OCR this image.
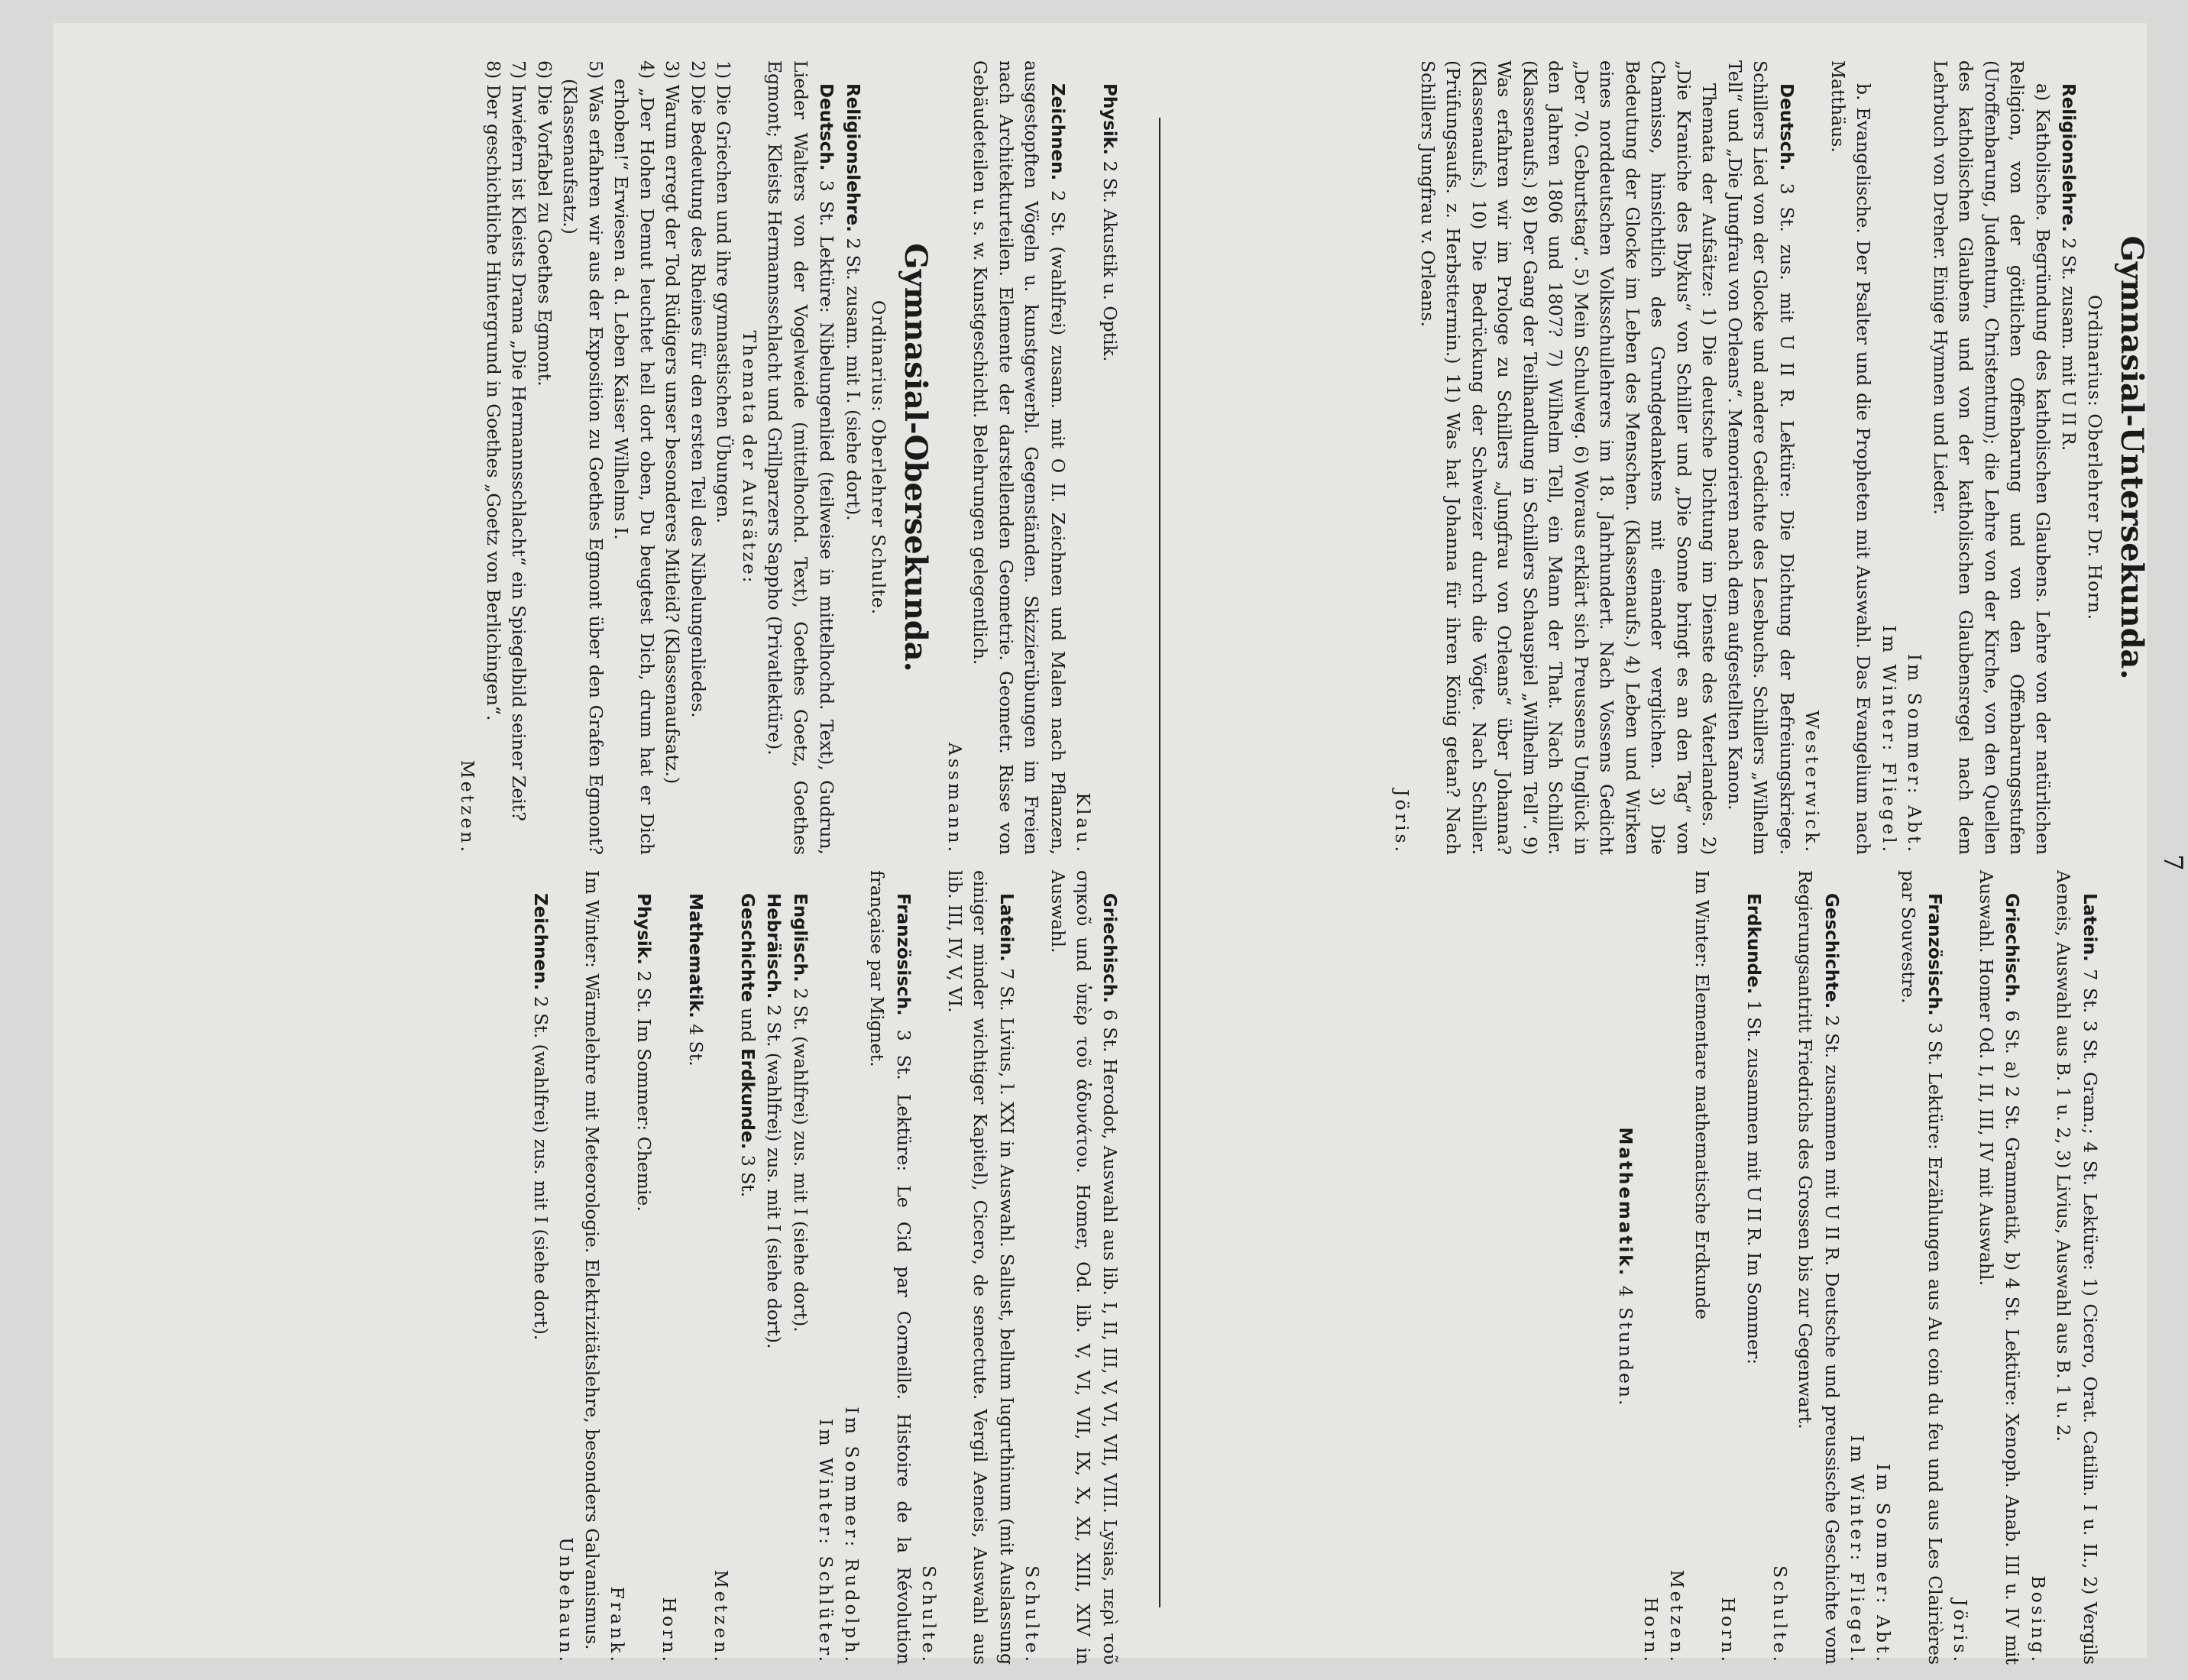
7
Gymnasial-Untersekunda.

Ordinarius: Oberlehrer Dr. Horn.

Religionslehre. 2 St. zusam. mit U II R.

a) Katholische. Begründung des katholischen Glaubens. Lehre von der natürlichen Religion, von der göttlichen Offenbarung und von den Offenbarungsstufen (Uroffenbarung, Judentum, Christentum); die Lehre von der Kirche, von den Quellen des katholischen Glaubens und von der katholischen Glaubensregel nach dem Lehrbuch von Dreher. Einige Hymnen und Lieder.

Im Sommer: Abt.

Im Winter: Fliegel.

b. Evangelische. Der Psalter und die Propheten mit Auswahl. Das Evangelium nach Matthäus.

Westerwick.

Deutsch. 3 St. zus. mit U II R. Lektüre: Die Dichtung der Befreiungskriege. Schillers Lied von der Glocke und andere Gedichte des Lesebuchs. Schillers „Wilhelm Tell“ und „Die Jungfrau von Orleans“. Memorieren nach dem aufgestellten Kanon.

Themata der Aufsätze: 1) Die deutsche Dichtung im Dienste des Vaterlandes. 2) „Die Kraniche des Ibykus“ von Schiller und „Die Sonne bringt es an den Tag“ von Chamisso, hinsichtlich des Grundgedankens mit einander verglichen. 3) Die Bedeutung der Glocke im Leben des Menschen. (Klassenaufs.) 4) Leben und Wirken eines norddeutschen Volksschullehrers im 18. Jahrhundert. Nach Vossens Gedicht „Der 70. Geburtstag“. 5) Mein Schulweg. 6) Woraus erklärt sich Preussens Unglück in den Jahren 1806 und 1807? 7) Wilhelm Tell, ein Mann der That. Nach Schiller. (Klassenaufs.) 8) Der Gang der Teilhandlung in Schillers Schauspiel „Wilhelm Tell“. 9) Was erfahren wir im Prologe zu Schillers „Jungfrau von Orleans“ über Johanna? (Klassenaufs.) 10) Die Bedrückung der Schweizer durch die Vögte. Nach Schiller. (Prüfungsaufs. z. Herbsttermin.) 11) Was hat Johanna für ihren König getan? Nach Schillers Jungfrau v. Orleans.

Jöris.

Latein. 7 St. 3 St. Gram.; 4 St. Lektüre: 1) Cicero, Orat. Catilin. I u. II., 2) Vergils Aeneis, Auswahl aus B. 1 u. 2, 3) Livius, Auswahl aus B. 1 u. 2.

Bosing.

Griechisch. 6 St. a) 2 St. Grammatik, b) 4 St. Lektüre: Xenoph. Anab. III u. IV mit Auswahl. Homer Od. I, II, III, IV mit Auswahl.

Jöris.

Französisch. 3 St. Lektüre: Erzählungen aus Au coin du feu und aus Les Clairières par Souvestre.

Im Sommer: Abt.

Im Winter: Fliegel.

Geschichte. 2 St. zusammen mit U II R. Deutsche und preussische Geschichte vom Regierungsantritt Friedrichs des Grossen bis zur Gegenwart.

Schulte.

Erdkunde. 1 St. zusammen mit U II R. Im Sommer:

Horn.

Im Winter: Elementare mathematische Erdkunde

Metzen.

Horn.

Mathematik. 4 Stunden.

Physik. 2 St. Akustik u. Optik.

Klau.

Zeichnen. 2 St. (wahlfrei) zusam. mit O II. Zeichnen und Malen nach Pflanzen, ausgestopften Vögeln u. kunstgewerbl. Gegenständen. Skizzierübungen im Freien nach Architekturteilen. Elemente der darstellenden Geometrie. Geometr. Risse von Gebäudeteilen u. s. w. Kunstgeschichtl. Belehrungen gelegentlich.

Assmann.

Gymnasial-Obersekunda.

Ordinarius: Oberlehrer Schulte.

Religionslehre. 2 St. zusam. mit I. (siehe dort).

Deutsch. 3 St. Lektüre: Nibelungenlied (teilweise in mittelhochd. Text), Gudrun, Lieder Walters von der Vogelweide (mittelhochd. Text), Goethes Goetz, Goethes Egmont; Kleists Hermannsschlacht und Grillparzers Sappho (Privatlektüre).

Themata der Aufsätze:

1) Die Griechen und ihre gymnastischen Übungen.

2) Die Bedeutung des Rheines für den ersten Teil des Nibelungenliedes.

3) Warum erregt der Tod Rüdigers unser besonderes Mitleid? (Klassenaufsatz.)

4) „Der Hohen Demut leuchtet hell dort oben, Du beugtest Dich, drum hat er Dich erhoben!“ Erwiesen a. d. Leben Kaiser Wilhelms I.

5) Was erfahren wir aus der Exposition zu Goethes Egmont über den Grafen Egmont? (Klassenaufsatz.)

6) Die Vorfabel zu Goethes Egmont.

7) Inwiefern ist Kleists Drama „Die Hermannsschlacht“ ein Spiegelbild seiner Zeit?

8) Der geschichtliche Hintergrund in Goethes „Goetz von Berlichingen“.

Metzen.

Griechisch. 6 St. Herodot, Auswahl aus lib. I, II, III, V, VI, VII, VIII. Lysias, περὶ τοῦ σηκοῦ und ὑπὲρ τοῦ ἀδυνάτου. Homer, Od. lib. V, VI, VII, IX, X, XI, XIII, XIV in Auswahl.

Schulte.

Latein. 7 St. Livius, l. XXI in Auswahl. Sallust, bellum Iugurthinum (mit Auslassung einiger minder wichtiger Kapitel), Cicero, de senectute. Vergil Aeneis, Auswahl aus lib. III, IV, V, VI.

Schulte.

Französisch. 3 St. Lektüre: Le Cid par Corneille. Histoire de la Révolution française par Mignet.

Im Sommer: Rudolph.

Im Winter: Schlüter.

Englisch. 2 St. (wahlfrei) zus. mit I (siehe dort).

Hebräisch. 2 St. (wahlfrei) zus. mit I (siehe dort).

Geschichte und Erdkunde. 3 St.

Metzen.

Mathematik. 4 St.

Horn.

Physik. 2 St. Im Sommer: Chemie.

Frank.

Im Winter: Wärmelehre mit Meteorologie. Elektrizitätslehre, besonders Galvanismus.

Unbehaun.

Zeichnen. 2 St. (wahlfrei) zus. mit I (siehe dort).
